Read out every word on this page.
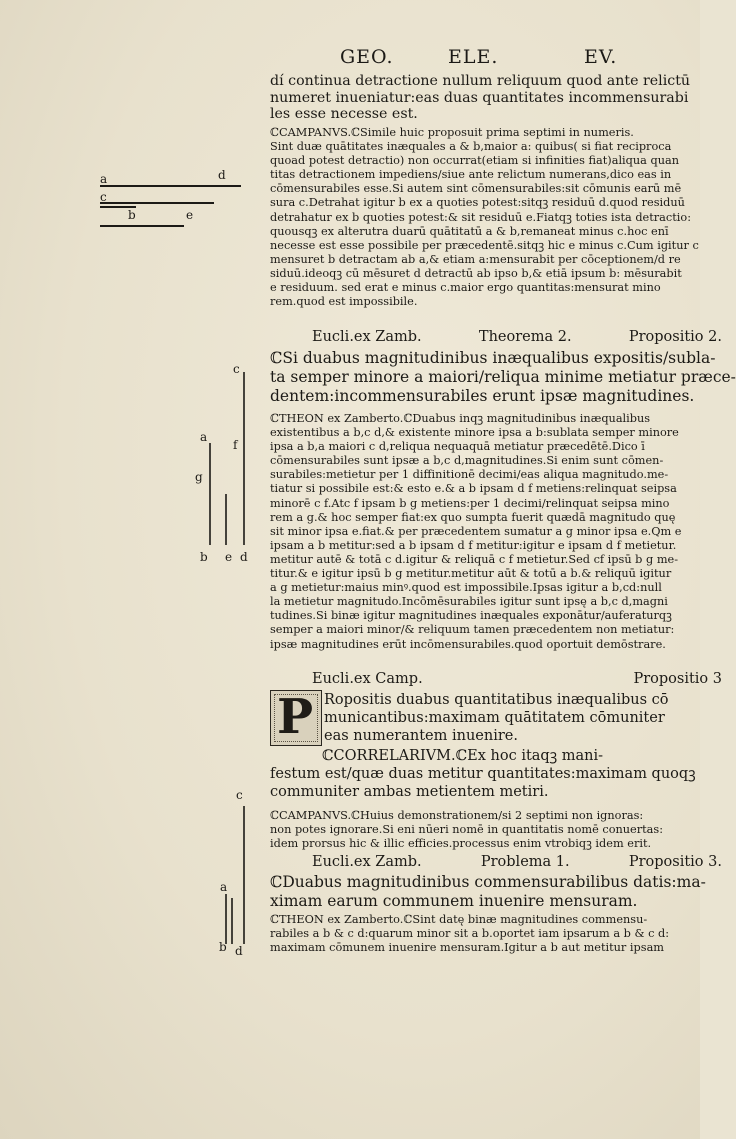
GEO.	ELE.	EV.
dí continua detractione nullum reliquum quod ante relictū
numeret inueniatur:eas duas quantitates incommensurabi
les esse necesse est.
ℂCAMPANVS.ℂSimile huic proposuit prima septimi in numeris.
Sint duæ quātitates inæquales a & b,maior a: quibus( si fiat reciproca
quoad potest detractio) non occurrat(etiam si infinities fiat)aliqua quan
titas detractionem impediens/siue ante relictum numerans,dico eas in
cōmensurabiles esse.Si autem sint cōmensurabiles:sit cōmunis earū mē
sura c.Detrahat igitur b ex a quoties potest:sitqꝫ residuū d.quod residuū
detrahatur ex b quoties potest:& sit residuū e.Fiatqꝫ toties ista detractio:
quousqꝫ ex alterutra duarū quātitatū a & b,remaneat minus c.hoc enī
necesse est esse possibile per præcedentē.sitqꝫ hic e minus c.Cum igitur c
mensuret b detractam ab a,& etiam a:mensurabit per cōceptionem/d re
siduū.ideoqꝫ cū mēsuret d detractū ab ipso b,& etiā ipsum b: mēsurabit
e residuum. sed erat e minus c.maior ergo quantitas:mensurat mino
rem.quod est impossibile.
Eucli.ex Zamb.	Theorema 2.	Propositio 2.
ℂSi duabus magnitudinibus inæqualibus expositis/subla-
ta semper minore a maiori/reliqua minime metiatur præce-
dentem:incommensurabiles erunt ipsæ magnitudines.
ℂTHEON ex Zamberto.ℂDuabus inqꝫ magnitudinibus inæqualibus
existentibus a b,c d,& existente minore ipsa a b:sublata semper minore
ipsa a b,a maiori c d,reliqua nequaquā metiatur præcedētē.Dico ī
cōmensurabiles sunt ipsæ a b,c d,magnitudines.Si enim sunt cōmen-
surabiles:metietur per 1 diffinitionē decimi/eas aliqua magnitudo.me-
tiatur si possibile est:& esto e.& a b ipsam d f metiens:relinquat seipsa
minorē c f.Atc f ipsam b g metiens:per 1 decimi/relinquat seipsa mino
rem a g.& hoc semper fiat:ex quo sumpta fuerit quædā magnitudo quę
sit minor ipsa e.fiat.& per præcedentem sumatur a g minor ipsa e.Qm e
ipsam a b metitur:sed a b ipsam d f metitur:igitur e ipsam d f metietur.
metitur autē & totā c d.igitur & reliquā c f metietur.Sed cf ipsū b g me-
titur.& e igitur ipsū b g metitur.metitur aūt & totū a b.& reliquū igitur
a g metietur:maius minꝰ.quod est impossibile.Ipsas igitur a b,cd:null
la metietur magnitudo.Incōmēsurabiles igitur sunt ipsę a b,c d,magni
tudines.Si binæ igitur magnitudines inæquales exponātur/auferaturqꝫ
semper a maiori minor/& reliquum tamen præcedentem non metiatur:
ipsæ magnitudines erūt incōmensurabiles.quod oportuit demōstrare.
Eucli.ex Camp.	Propositio 3
P Ropositis duabus quantitatibus inæqualibus cō
municantibus:maximam quātitatem cōmuniter
eas numerantem inuenire.
ℂCORRELARIVM.ℂEx hoc itaqꝫ mani-
festum est/quæ duas metitur quantitates:maximam quoqꝫ
communiter ambas metientem metiri.
ℂCAMPANVS.ℂHuius demonstrationem/si 2 septimi non ignoras:
non potes ignorare.Si eni nūeri nomē in quantitatis nomē conuertas:
idem prorsus hic & illic efficies.processus enim vtrobiqꝫ idem erit.
Eucli.ex Zamb.	Problema 1.	Propositio 3.
ℂDuabus magnitudinibus commensurabilibus datis:ma-
ximam earum communem inuenire mensuram.
ℂTHEON ex Zamberto.ℂSint datę binæ magnitudines commensu-
rabiles a b & c d:quarum minor sit a b.oportet iam ipsarum a b & c d:
maximam cōmunem inuenire mensuram.Igitur a b aut metitur ipsam
a	d
c
b	e
c
f
a
g
b e d
c
a
b d
